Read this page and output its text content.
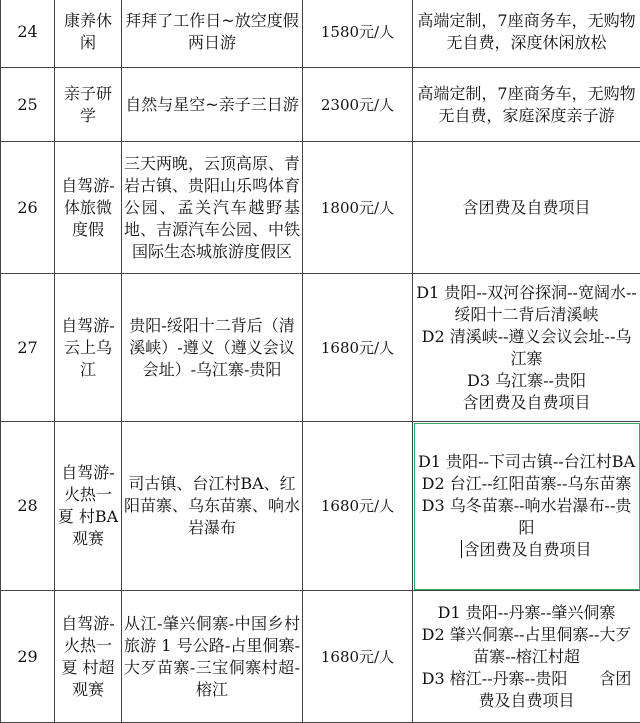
24	康养休闲	拜拜了工作日~放空度假两日游	1580元/人	高端定制，7座商务车，无购物无自费，深度休闲放松

25	亲子研学	自然与星空~亲子三日游	2300元/人	高端定制，7座商务车，无购物无自费，家庭深度亲子游

26	自驾游-体旅微度假	三天两晚，云顶高原、青岩古镇、贵阳山乐鸣体育公园、孟关汽车越野基地、吉源汽车公园、中铁国际生态城旅游度假区	1800元/人	含团费及自费项目

27	自驾游-云上乌江	贵阳-绥阳十二背后（清溪峡）-遵义（遵义会议会址）-乌江寨-贵阳	1680元/人	D1 贵阳--双河谷探洞--宽阔水--绥阳十二背后清溪峡
D2 清溪峡--遵义会议会址--乌江寨
D3 乌江寨--贵阳
含团费及自费项目

28	自驾游-火热一夏 村BA观赛	司古镇、台江村BA、红阳苗寨、乌东苗寨、响水岩瀑布	1680元/人	D1 贵阳--下司古镇--台江村BA
D2 台江--红阳苗寨--乌东苗寨
D3 乌冬苗寨--响水岩瀑布--贵阳
含团费及自费项目

29	自驾游-火热一夏 村超观赛	从江-肇兴侗寨-中国乡村旅游 1 号公路-占里侗寨-大歹苗寨-三宝侗寨村超-榕江	1680元/人	D1 贵阳--丹寨--肇兴侗寨
D2 肇兴侗寨--占里侗寨--大歹苗寨--榕江村超
D3 榕江--丹寨--贵阳　　含团费及自费项目
